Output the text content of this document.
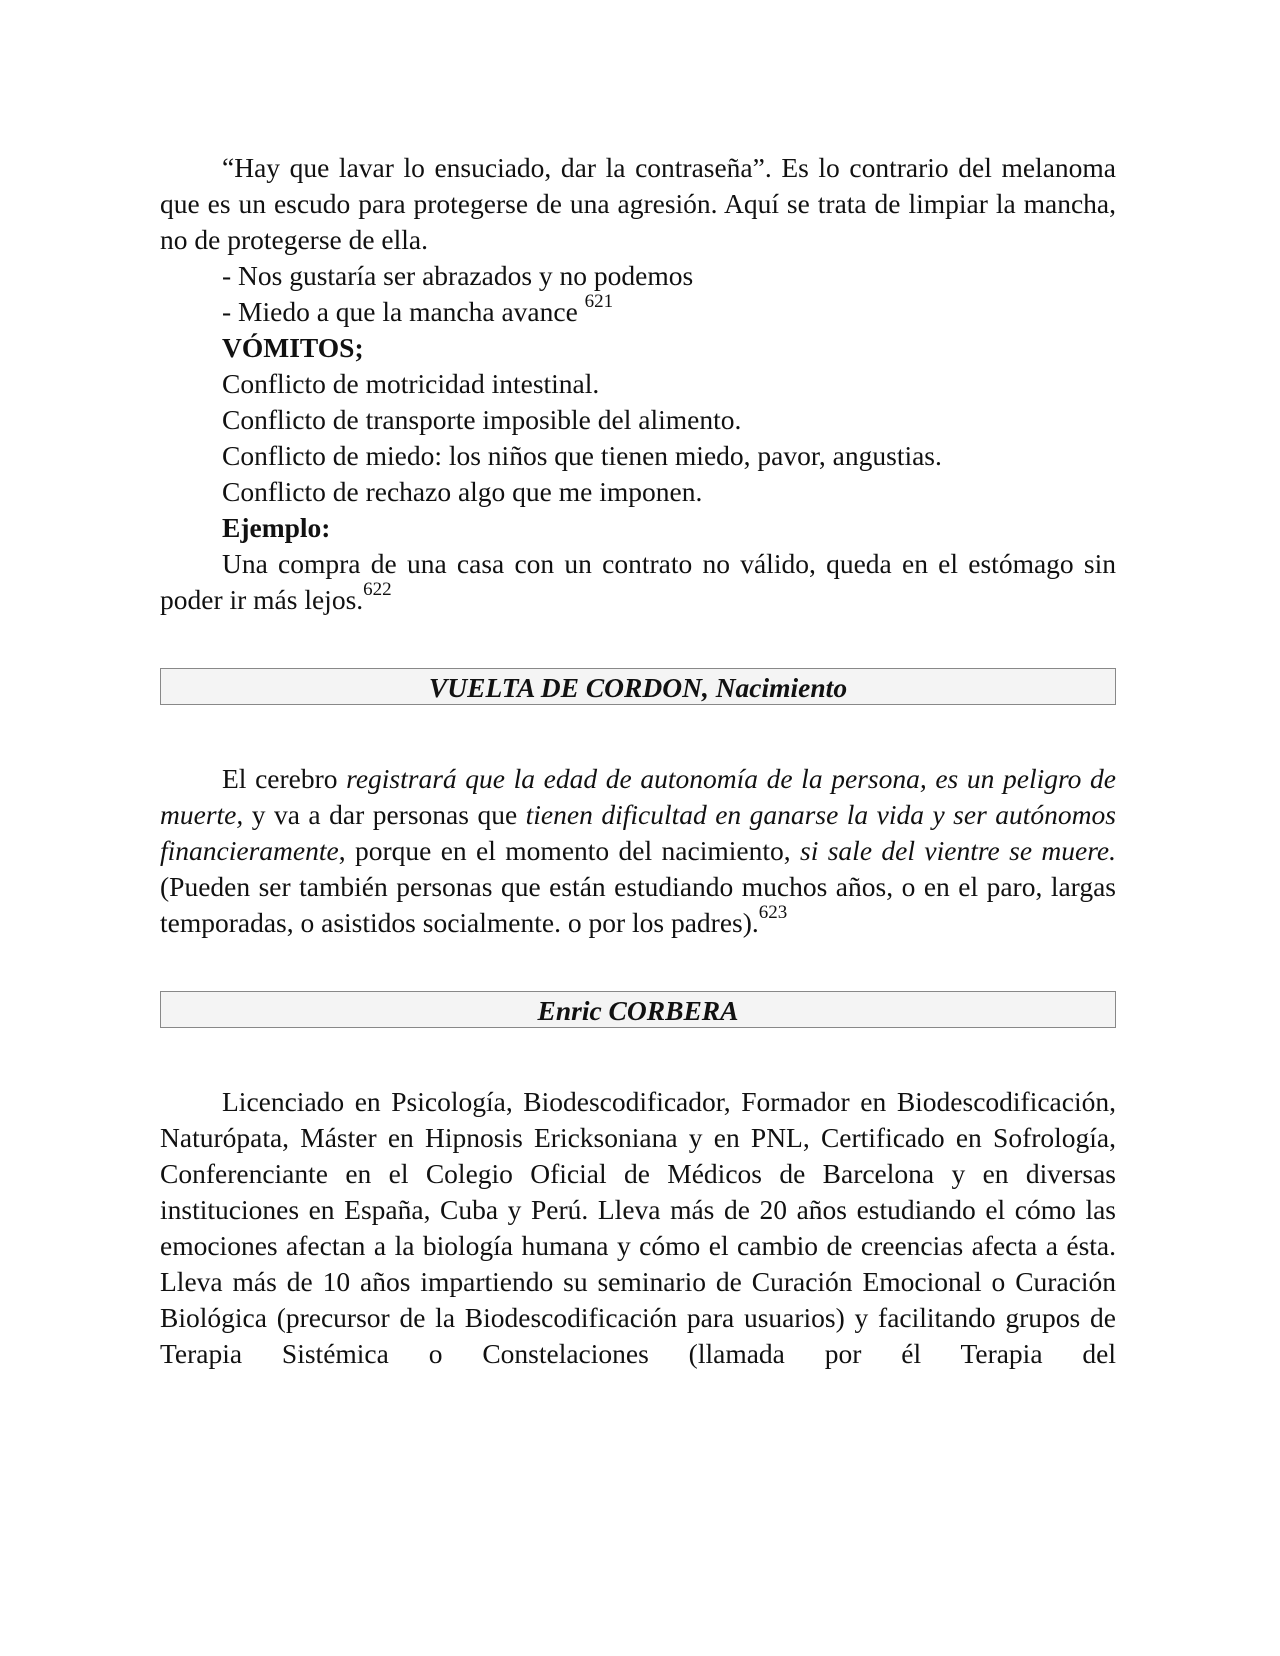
“Hay que lavar lo ensuciado, dar la contraseña”. Es lo contrario del melanoma que es un escudo para protegerse de una agresión. Aquí se trata de limpiar la mancha, no de protegerse de ella.

- Nos gustaría ser abrazados y no podemos

- Miedo a que la mancha avance $^{621}$

VÓMITOS;

Conflicto de motricidad intestinal.

Conflicto de transporte imposible del alimento.

Conflicto de miedo: los niños que tienen miedo, pavor, angustias.

Conflicto de rechazo algo que me imponen.

Ejemplo:

Una compra de una casa con un contrato no válido, queda en el estómago sin poder ir más lejos.$^{622}$

VUELTA DE CORDON, Nacimiento

El cerebro registrará que la edad de autonomía de la persona, es un peligro de muerte, y va a dar personas que tienen dificultad en ganarse la vida y ser autónomos financieramente, porque en el momento del nacimiento, si sale del vientre se muere. (Pueden ser también personas que están estudiando muchos años, o en el paro, largas temporadas, o asistidos socialmente. o por los padres).$^{623}$

Enric CORBERA

Licenciado en Psicología, Biodescodificador, Formador en Biodescodificación, Naturópata, Máster en Hipnosis Ericksoniana y en PNL, Certificado en Sofrología, Conferenciante en el Colegio Oficial de Médicos de Barcelona y en diversas instituciones en España, Cuba y Perú. Lleva más de 20 años estudiando el cómo las emociones afectan a la biología humana y cómo el cambio de creencias afecta a ésta. Lleva más de 10 años impartiendo su seminario de Curación Emocional o Curación Biológica (precursor de la Biodescodificación para usuarios) y facilitando grupos de Terapia Sistémica o Constelaciones (llamada por él Terapia del
